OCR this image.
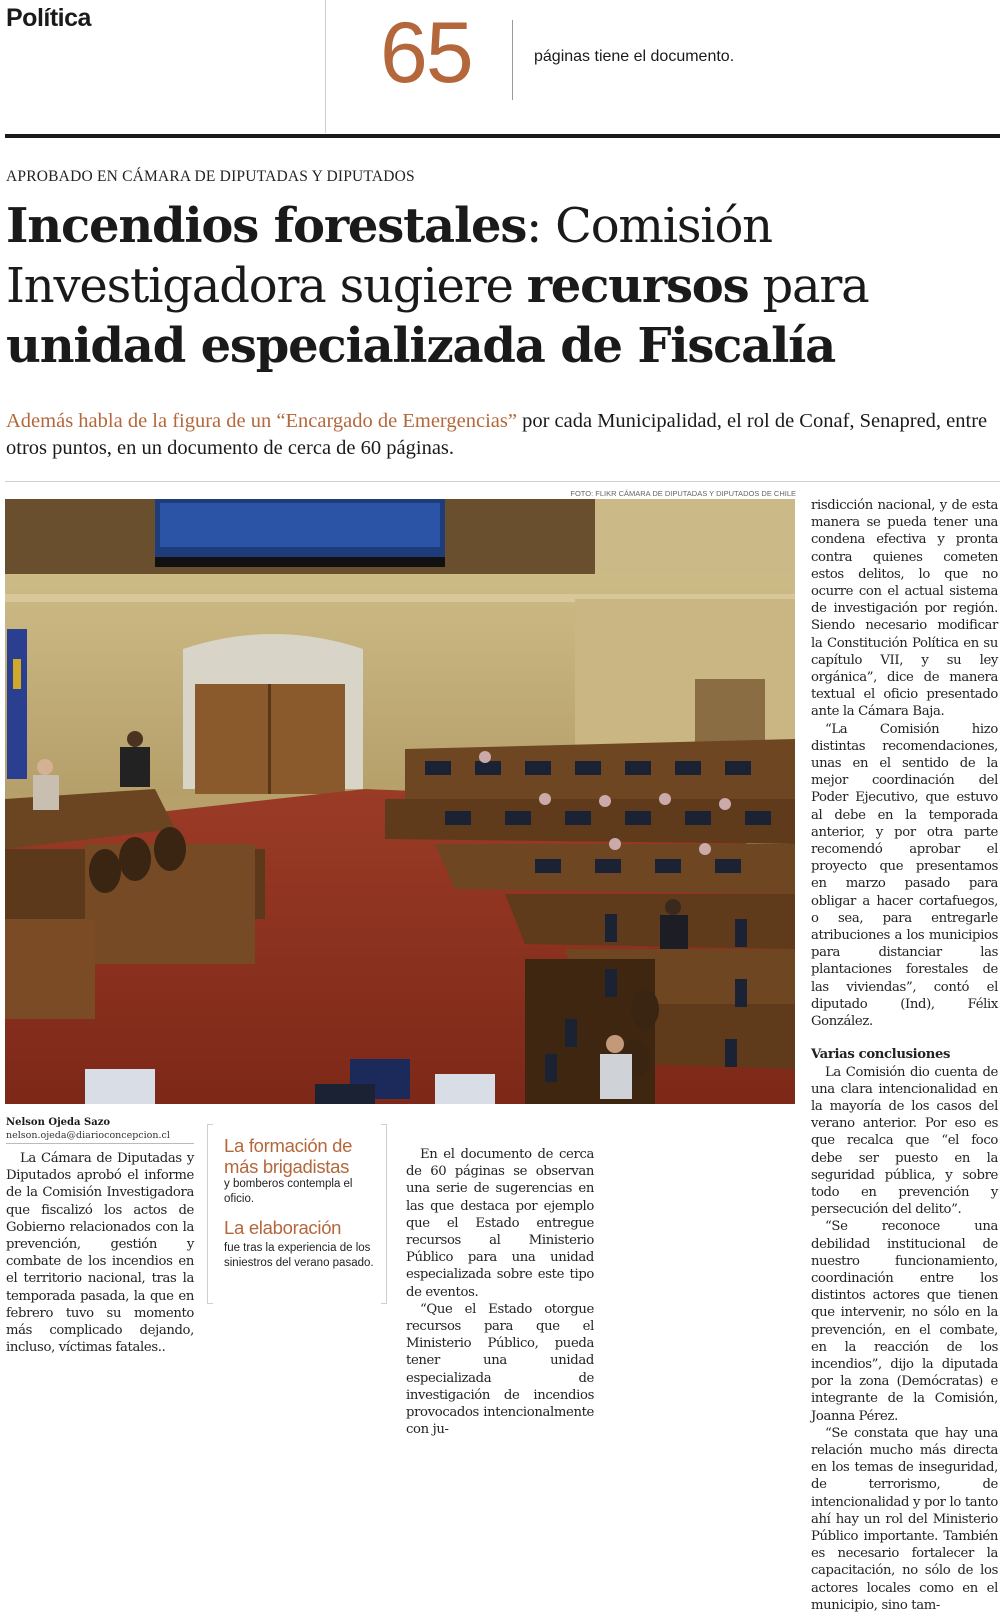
Política	65	páginas tiene el documento.
APROBADO EN CÁMARA DE DIPUTADAS Y DIPUTADOS
Incendios forestales: Comisión Investigadora sugiere recursos para unidad especializada de Fiscalía
Además habla de la figura de un “Encargado de Emergencias” por cada Municipalidad, el rol de Conaf, Senapred, entre otros puntos, en un documento de cerca de 60 páginas.
FOTO: FLIKR CÁMARA DE DIPUTADAS Y DIPUTADOS DE CHILE
Nelson Ojeda Sazo
nelson.ojeda@diarioconcepcion.cl

La Cámara de Diputadas y Diputados aprobó el informe de la Comisión Investigadora que fiscalizó los actos de Gobierno relacionados con la prevención, gestión y combate de los incendios en el territorio nacional, tras la temporada pasada, la que en febrero tuvo su momento más complicado dejando, incluso, víctimas fatales..

La formación de más brigadistas
y bomberos contempla el oficio.
La elaboración
fue tras la experiencia de los siniestros del verano pasado.

En el documento de cerca de 60 páginas se observan una serie de sugerencias en las que destaca por ejemplo que el Estado entregue recursos al Ministerio Público para una unidad especializada sobre este tipo de eventos.

“Que el Estado otorgue recursos para que el Ministerio Público, pueda tener una unidad especializada de investigación de incendios provocados intencionalmente con ju-

risdicción nacional, y de esta manera se pueda tener una condena efectiva y pronta contra quienes cometen estos delitos, lo que no ocurre con el actual sistema de investigación por región. Siendo necesario modificar la Constitución Política en su capítulo VII, y su ley orgánica”, dice de manera textual el oficio presentado ante la Cámara Baja.

“La Comisión hizo distintas recomendaciones, unas en el sentido de la mejor coordinación del Poder Ejecutivo, que estuvo al debe en la temporada anterior, y por otra parte recomendó aprobar el proyecto que presentamos en marzo pasado para obligar a hacer cortafuegos, o sea, para entregarle atribuciones a los municipios para distanciar las plantaciones forestales de las viviendas”, contó el diputado (Ind), Félix González.

Varias conclusiones

La Comisión dio cuenta de una clara intencionalidad en la mayoría de los casos del verano anterior. Por eso es que recalca que “el foco debe ser puesto en la seguridad pública, y sobre todo en prevención y persecución del delito”.

“Se reconoce una debilidad institucional de nuestro funcionamiento, coordinación entre los distintos actores que tienen que intervenir, no sólo en la prevención, en el combate, en la reacción de los incendios”, dijo la diputada por la zona (Demócratas) e integrante de la Comisión, Joanna Pérez.

“Se constata que hay una relación mucho más directa en los temas de inseguridad, de terrorismo, de intencionalidad y por lo tanto ahí hay un rol del Ministerio Público importante. También es necesario fortalecer la capacitación, no sólo de los actores locales como en el municipio, sino tam-
